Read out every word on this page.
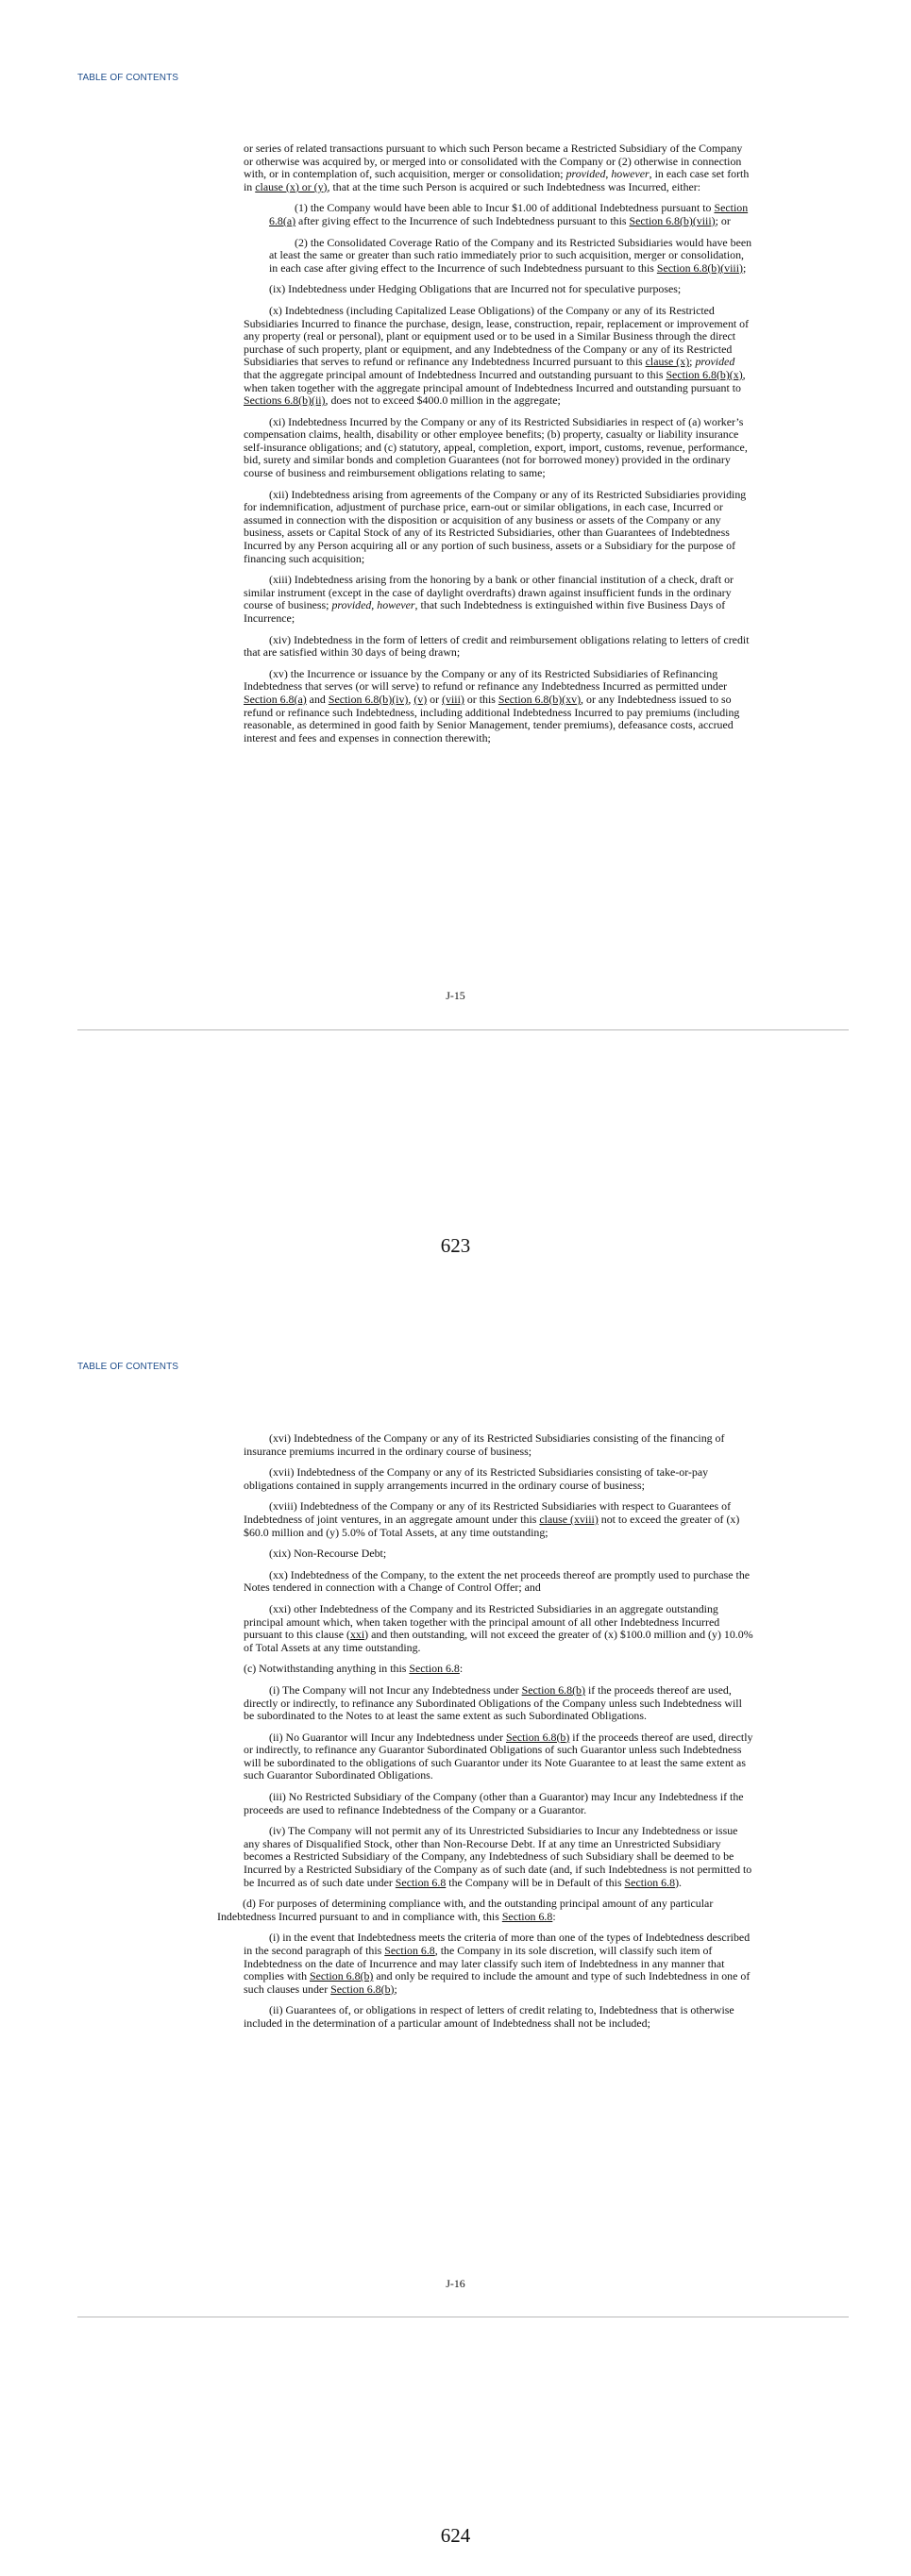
TABLE OF CONTENTS

or series of related transactions pursuant to which such Person became a Restricted Subsidiary of the Company or otherwise was acquired by, or merged into or consolidated with the Company or (2) otherwise in connection with, or in contemplation of, such acquisition, merger or consolidation; provided, however, in each case set forth in clause (x) or (y), that at the time such Person is acquired or such Indebtedness was Incurred, either:

(1) the Company would have been able to Incur $1.00 of additional Indebtedness pursuant to Section 6.8(a) after giving effect to the Incurrence of such Indebtedness pursuant to this Section 6.8(b)(viii); or

(2) the Consolidated Coverage Ratio of the Company and its Restricted Subsidiaries would have been at least the same or greater than such ratio immediately prior to such acquisition, merger or consolidation, in each case after giving effect to the Incurrence of such Indebtedness pursuant to this Section 6.8(b)(viii);

(ix) Indebtedness under Hedging Obligations that are Incurred not for speculative purposes;

(x) Indebtedness (including Capitalized Lease Obligations) of the Company or any of its Restricted Subsidiaries Incurred to finance the purchase, design, lease, construction, repair, replacement or improvement of any property (real or personal), plant or equipment used or to be used in a Similar Business through the direct purchase of such property, plant or equipment, and any Indebtedness of the Company or any of its Restricted Subsidiaries that serves to refund or refinance any Indebtedness Incurred pursuant to this clause (x); provided that the aggregate principal amount of Indebtedness Incurred and outstanding pursuant to this Section 6.8(b)(x), when taken together with the aggregate principal amount of Indebtedness Incurred and outstanding pursuant to Sections 6.8(b)(ii), does not to exceed $400.0 million in the aggregate;

(xi) Indebtedness Incurred by the Company or any of its Restricted Subsidiaries in respect of (a) worker’s compensation claims, health, disability or other employee benefits; (b) property, casualty or liability insurance self-insurance obligations; and (c) statutory, appeal, completion, export, import, customs, revenue, performance, bid, surety and similar bonds and completion Guarantees (not for borrowed money) provided in the ordinary course of business and reimbursement obligations relating to same;

(xii) Indebtedness arising from agreements of the Company or any of its Restricted Subsidiaries providing for indemnification, adjustment of purchase price, earn-out or similar obligations, in each case, Incurred or assumed in connection with the disposition or acquisition of any business or assets of the Company or any business, assets or Capital Stock of any of its Restricted Subsidiaries, other than Guarantees of Indebtedness Incurred by any Person acquiring all or any portion of such business, assets or a Subsidiary for the purpose of financing such acquisition;

(xiii) Indebtedness arising from the honoring by a bank or other financial institution of a check, draft or similar instrument (except in the case of daylight overdrafts) drawn against insufficient funds in the ordinary course of business; provided, however, that such Indebtedness is extinguished within five Business Days of Incurrence;

(xiv) Indebtedness in the form of letters of credit and reimbursement obligations relating to letters of credit that are satisfied within 30 days of being drawn;

(xv) the Incurrence or issuance by the Company or any of its Restricted Subsidiaries of Refinancing Indebtedness that serves (or will serve) to refund or refinance any Indebtedness Incurred as permitted under Section 6.8(a) and Section 6.8(b)(iv), (v) or (viii) or this Section 6.8(b)(xv), or any Indebtedness issued to so refund or refinance such Indebtedness, including additional Indebtedness Incurred to pay premiums (including reasonable, as determined in good faith by Senior Management, tender premiums), defeasance costs, accrued interest and fees and expenses in connection therewith;

J-15
623
TABLE OF CONTENTS

(xvi) Indebtedness of the Company or any of its Restricted Subsidiaries consisting of the financing of insurance premiums incurred in the ordinary course of business;

(xvii) Indebtedness of the Company or any of its Restricted Subsidiaries consisting of take-or-pay obligations contained in supply arrangements incurred in the ordinary course of business;

(xviii) Indebtedness of the Company or any of its Restricted Subsidiaries with respect to Guarantees of Indebtedness of joint ventures, in an aggregate amount under this clause (xviii) not to exceed the greater of (x) $60.0 million and (y) 5.0% of Total Assets, at any time outstanding;

(xix) Non-Recourse Debt;

(xx) Indebtedness of the Company, to the extent the net proceeds thereof are promptly used to purchase the Notes tendered in connection with a Change of Control Offer; and

(xxi) other Indebtedness of the Company and its Restricted Subsidiaries in an aggregate outstanding principal amount which, when taken together with the principal amount of all other Indebtedness Incurred pursuant to this clause (xxi) and then outstanding, will not exceed the greater of (x) $100.0 million and (y) 10.0% of Total Assets at any time outstanding.

(c) Notwithstanding anything in this Section 6.8:

(i) The Company will not Incur any Indebtedness under Section 6.8(b) if the proceeds thereof are used, directly or indirectly, to refinance any Subordinated Obligations of the Company unless such Indebtedness will be subordinated to the Notes to at least the same extent as such Subordinated Obligations.

(ii) No Guarantor will Incur any Indebtedness under Section 6.8(b) if the proceeds thereof are used, directly or indirectly, to refinance any Guarantor Subordinated Obligations of such Guarantor unless such Indebtedness will be subordinated to the obligations of such Guarantor under its Note Guarantee to at least the same extent as such Guarantor Subordinated Obligations.

(iii) No Restricted Subsidiary of the Company (other than a Guarantor) may Incur any Indebtedness if the proceeds are used to refinance Indebtedness of the Company or a Guarantor.

(iv) The Company will not permit any of its Unrestricted Subsidiaries to Incur any Indebtedness or issue any shares of Disqualified Stock, other than Non-Recourse Debt. If at any time an Unrestricted Subsidiary becomes a Restricted Subsidiary of the Company, any Indebtedness of such Subsidiary shall be deemed to be Incurred by a Restricted Subsidiary of the Company as of such date (and, if such Indebtedness is not permitted to be Incurred as of such date under Section 6.8 the Company will be in Default of this Section 6.8).

(d) For purposes of determining compliance with, and the outstanding principal amount of any particular Indebtedness Incurred pursuant to and in compliance with, this Section 6.8:

(i) in the event that Indebtedness meets the criteria of more than one of the types of Indebtedness described in the second paragraph of this Section 6.8, the Company in its sole discretion, will classify such item of Indebtedness on the date of Incurrence and may later classify such item of Indebtedness in any manner that complies with Section 6.8(b) and only be required to include the amount and type of such Indebtedness in one of such clauses under Section 6.8(b);

(ii) Guarantees of, or obligations in respect of letters of credit relating to, Indebtedness that is otherwise included in the determination of a particular amount of Indebtedness shall not be included;

J-16
624
